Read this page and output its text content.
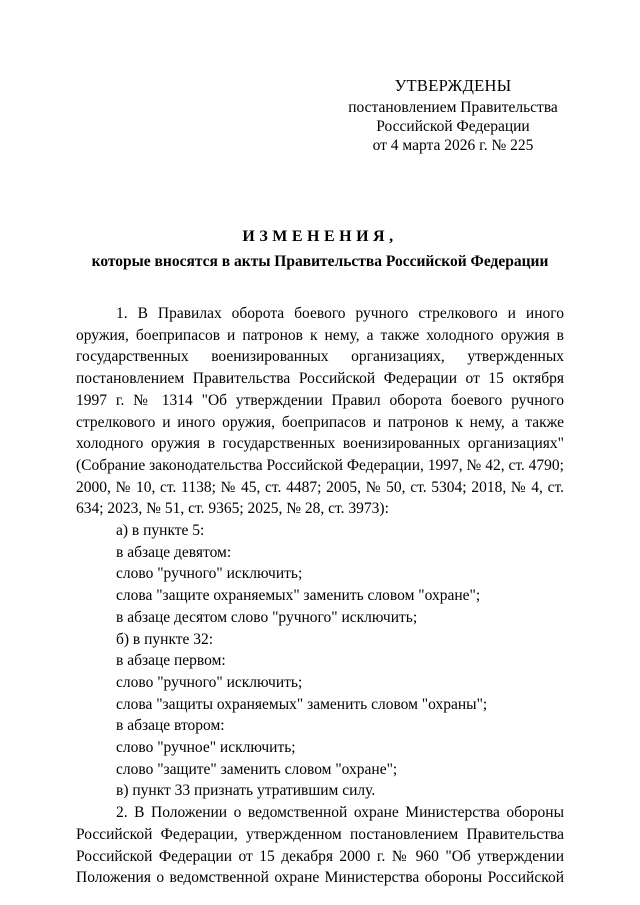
УТВЕРЖДЕНЫ
постановлением Правительства
Российской Федерации
от 4 марта 2026 г. № 225
ИЗМЕНЕНИЯ,
которые вносятся в акты Правительства Российской Федерации

1. В Правилах оборота боевого ручного стрелкового и иного оружия, боеприпасов и патронов к нему, а также холодного оружия в государственных военизированных организациях, утвержденных постановлением Правительства Российской Федерации от 15 октября 1997 г. № 1314 "Об утверждении Правил оборота боевого ручного стрелкового и иного оружия, боеприпасов и патронов к нему, а также холодного оружия в государственных военизированных организациях" (Собрание законодательства Российской Федерации, 1997, № 42, ст. 4790; 2000, № 10, ст. 1138; № 45, ст. 4487; 2005, № 50, ст. 5304; 2018, № 4, ст. 634; 2023, № 51, ст. 9365; 2025, № 28, ст. 3973):

а) в пункте 5:

в абзаце девятом:

слово "ручного" исключить;

слова "защите охраняемых" заменить словом "охране";

в абзаце десятом слово "ручного" исключить;

б) в пункте 32:

в абзаце первом:

слово "ручного" исключить;

слова "защиты охраняемых" заменить словом "охраны";

в абзаце втором:

слово "ручное" исключить;

слово "защите" заменить словом "охране";

в) пункт 33 признать утратившим силу.

2. В Положении о ведомственной охране Министерства обороны Российской Федерации, утвержденном постановлением Правительства Российской Федерации от 15 декабря 2000 г. № 960 "Об утверждении Положения о ведомственной охране Министерства обороны Российской
